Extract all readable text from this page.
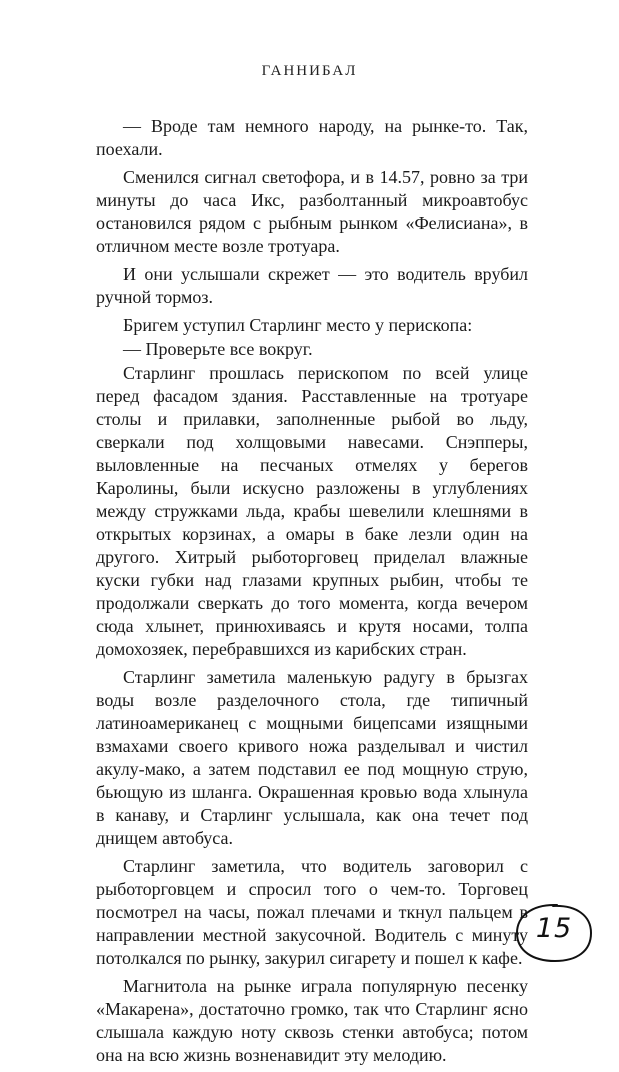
ГАННИБАЛ

— Вроде там немного народу, на рынке-то. Так, поехали.

Сменился сигнал светофора, и в 14.57, ровно за три минуты до часа Икс, разболтанный микроавтобус остановился рядом с рыбным рынком «Фелисиана», в отличном месте возле тротуара.

И они услышали скрежет — это водитель врубил ручной тормоз.

Бригем уступил Старлинг место у перископа:

— Проверьте все вокруг.

Старлинг прошлась перископом по всей улице перед фасадом здания. Расставленные на тротуаре столы и прилавки, заполненные рыбой во льду, сверкали под холщовыми навесами. Снэпперы, выловленные на песчаных отмелях у берегов Каролины, были искусно разложены в углублениях между стружками льда, крабы шевелили клешнями в открытых корзинах, а омары в баке лезли один на другого. Хитрый рыботорговец приделал влажные куски губки над глазами крупных рыбин, чтобы те продолжали сверкать до того момента, когда вечером сюда хлынет, принюхиваясь и крутя носами, толпа домохозяек, перебравшихся из карибских стран.

Старлинг заметила маленькую радугу в брызгах воды возле разделочного стола, где типичный латиноамериканец с мощными бицепсами изящными взмахами своего кривого ножа разделывал и чистил акулу-мако, а затем подставил ее под мощную струю, бьющую из шланга. Окрашенная кровью вода хлынула в канаву, и Старлинг услышала, как она течет под днищем автобуса.

Старлинг заметила, что водитель заговорил с рыботорговцем и спросил того о чем-то. Торговец посмотрел на часы, пожал плечами и ткнул пальцем в направлении местной закусочной. Водитель с минуту потолкался по рынку, закурил сигарету и пошел к кафе.

Магнитола на рынке играла популярную песенку «Макарена», достаточно громко, так что Старлинг ясно слышала каждую ноту сквозь стенки автобуса; потом она на всю жизнь возненавидит эту мелодию.

15
